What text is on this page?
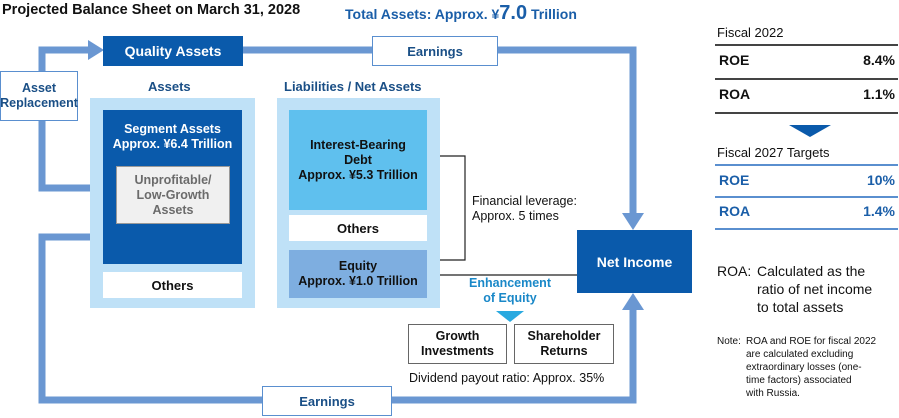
Projected Balance Sheet on March 31, 2028	Total Assets: Approx. ¥7.0 Trillion
Quality Assets	Earnings
Asset
Replacement
Assets	Liabilities / Net Assets
Segment Assets
Approx. ¥6.4 Trillion
Unprofitable/
Low-Growth
Assets
Others
Interest-Bearing
Debt
Approx. ¥5.3 Trillion
Others
Equity
Approx. ¥1.0 Trillion
Financial leverage:
Approx. 5 times
Net Income
Enhancement
of Equity
Growth
Investments
Shareholder
Returns
Dividend payout ratio: Approx. 35%
Earnings
Fiscal 2022
ROE	8.4%
ROA	1.1%
Fiscal 2027 Targets
ROE	10%
ROA	1.4%
ROA: Calculated as the
ratio of net income
to total assets
Note: ROA and ROE for fiscal 2022
are calculated excluding
extraordinary losses (one-
time factors) associated
with Russia.
